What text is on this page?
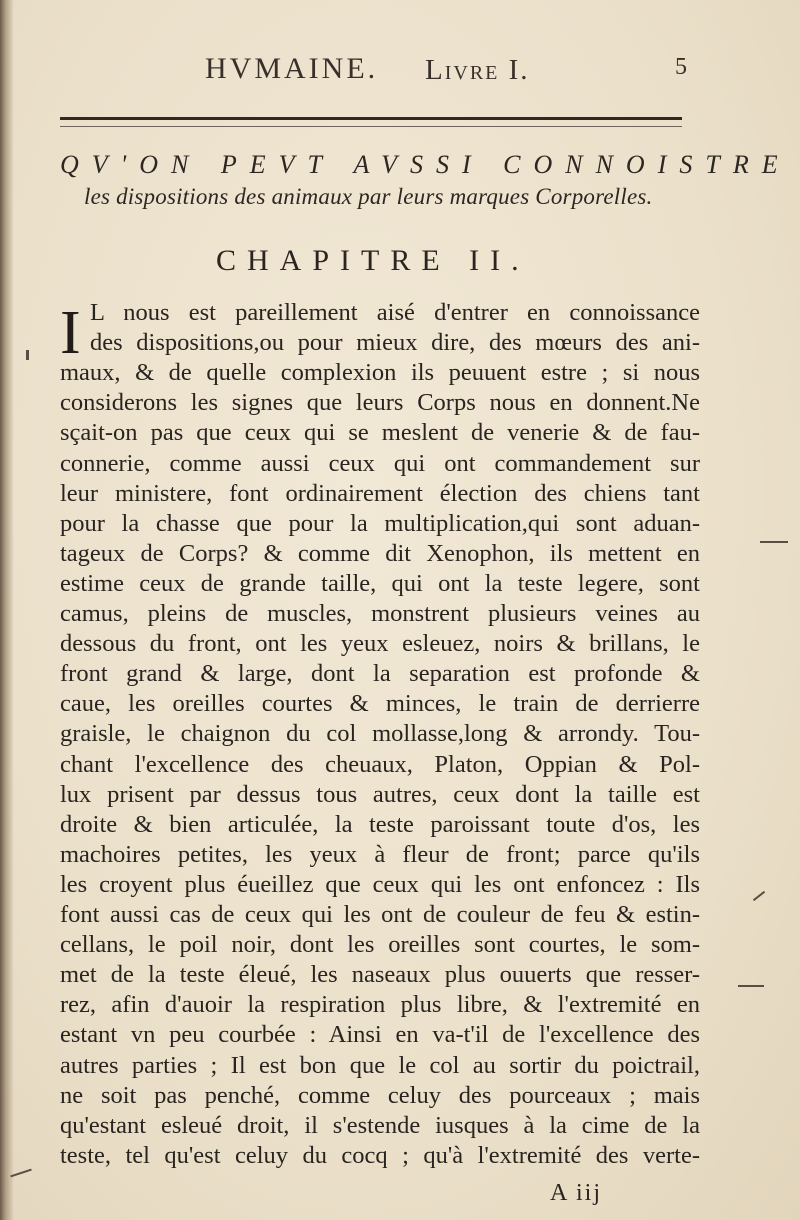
HVMAINE. Livre I.	5
QV'ON PEVT AVSSI CONNOISTRE
les dispositions des animaux par leurs marques Corporelles.
CHAPITRE II.
I L nous est pareillement aisé d'entrer en connoissance
des dispositions,ou pour mieux dire, des mœurs des ani-
maux, & de quelle complexion ils peuuent estre ; si nous
considerons les signes que leurs Corps nous en donnent.Ne
sçait-on pas que ceux qui se meslent de venerie & de fau-
connerie, comme aussi ceux qui ont commandement sur
leur ministere, font ordinairement élection des chiens tant
pour la chasse que pour la multiplication,qui sont aduan-
tageux de Corps? & comme dit Xenophon, ils mettent en
estime ceux de grande taille, qui ont la teste legere, sont
camus, pleins de muscles, monstrent plusieurs veines au
dessous du front, ont les yeux esleuez, noirs & brillans, le
front grand & large, dont la separation est profonde &
caue, les oreilles courtes & minces, le train de derrierre
graisle, le chaignon du col mollasse,long & arrondy. Tou-
chant l'excellence des cheuaux, Platon, Oppian & Pol-
lux prisent par dessus tous autres, ceux dont la taille est
droite & bien articulée, la teste paroissant toute d'os, les
machoires petites, les yeux à fleur de front; parce qu'ils
les croyent plus éueillez que ceux qui les ont enfoncez : Ils
font aussi cas de ceux qui les ont de couleur de feu & estin-
cellans, le poil noir, dont les oreilles sont courtes, le som-
met de la teste éleué, les naseaux plus ouuerts que resser-
rez, afin d'auoir la respiration plus libre, & l'extremité en
estant vn peu courbée : Ainsi en va-t'il de l'excellence des
autres parties ; Il est bon que le col au sortir du poictrail,
ne soit pas penché, comme celuy des pourceaux ; mais
qu'estant esleué droit, il s'estende iusques à la cime de la
teste, tel qu'est celuy du cocq ; qu'à l'extremité des verte-
A iij
